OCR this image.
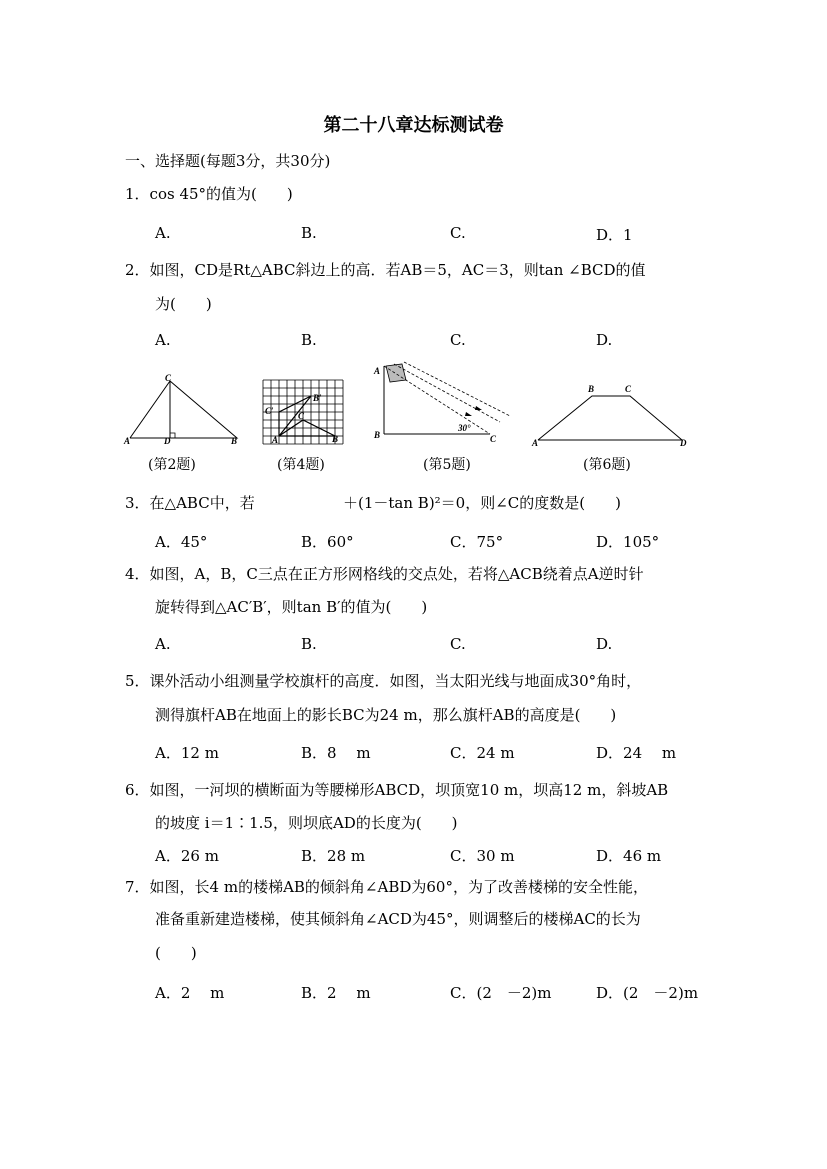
第二十八章达标测试卷
一、选择题(每题3分，共30分)
1．cos 45°的值为(　　)
A.	B.	C.	D．1
2．如图，CD是Rt△ABC斜边上的高．若AB＝5，AC＝3，则tan ∠BCD的值
为(　　)
A.	B.	C.	D.
C
A	D	B	A	B
C
C′
B′
A
B	C
30°
A
B	C
D
(第2题)	(第4题)	(第5题)	(第6题)
3．在△ABC中，若	＋(1－tan B)²＝0，则∠C的度数是(　　)
A．45°	B．60°	C．75°	D．105°
4．如图，A，B，C三点在正方形网格线的交点处，若将△ACB绕着点A逆时针
旋转得到△AC′B′，则tan B′的值为(　　)
A.	B.	C.	D.
5．课外活动小组测量学校旗杆的高度．如图，当太阳光线与地面成30°角时，
测得旗杆AB在地面上的影长BC为24 m，那么旗杆AB的高度是(　　)
A．12 m	B．8　 m	C．24 m	D．24　 m
6．如图，一河坝的横断面为等腰梯形ABCD，坝顶宽10 m，坝高12 m，斜坡AB
的坡度 i＝1∶1.5，则坝底AD的长度为(　　)
A．26 m	B．28 m	C．30 m	D．46 m
7．如图，长4 m的楼梯AB的倾斜角∠ABD为60°，为了改善楼梯的安全性能，
准备重新建造楼梯，使其倾斜角∠ACD为45°，则调整后的楼梯AC的长为
(　　)
A．2　 m	B．2　 m	C．(2　－2)m	D．(2　－2)m
